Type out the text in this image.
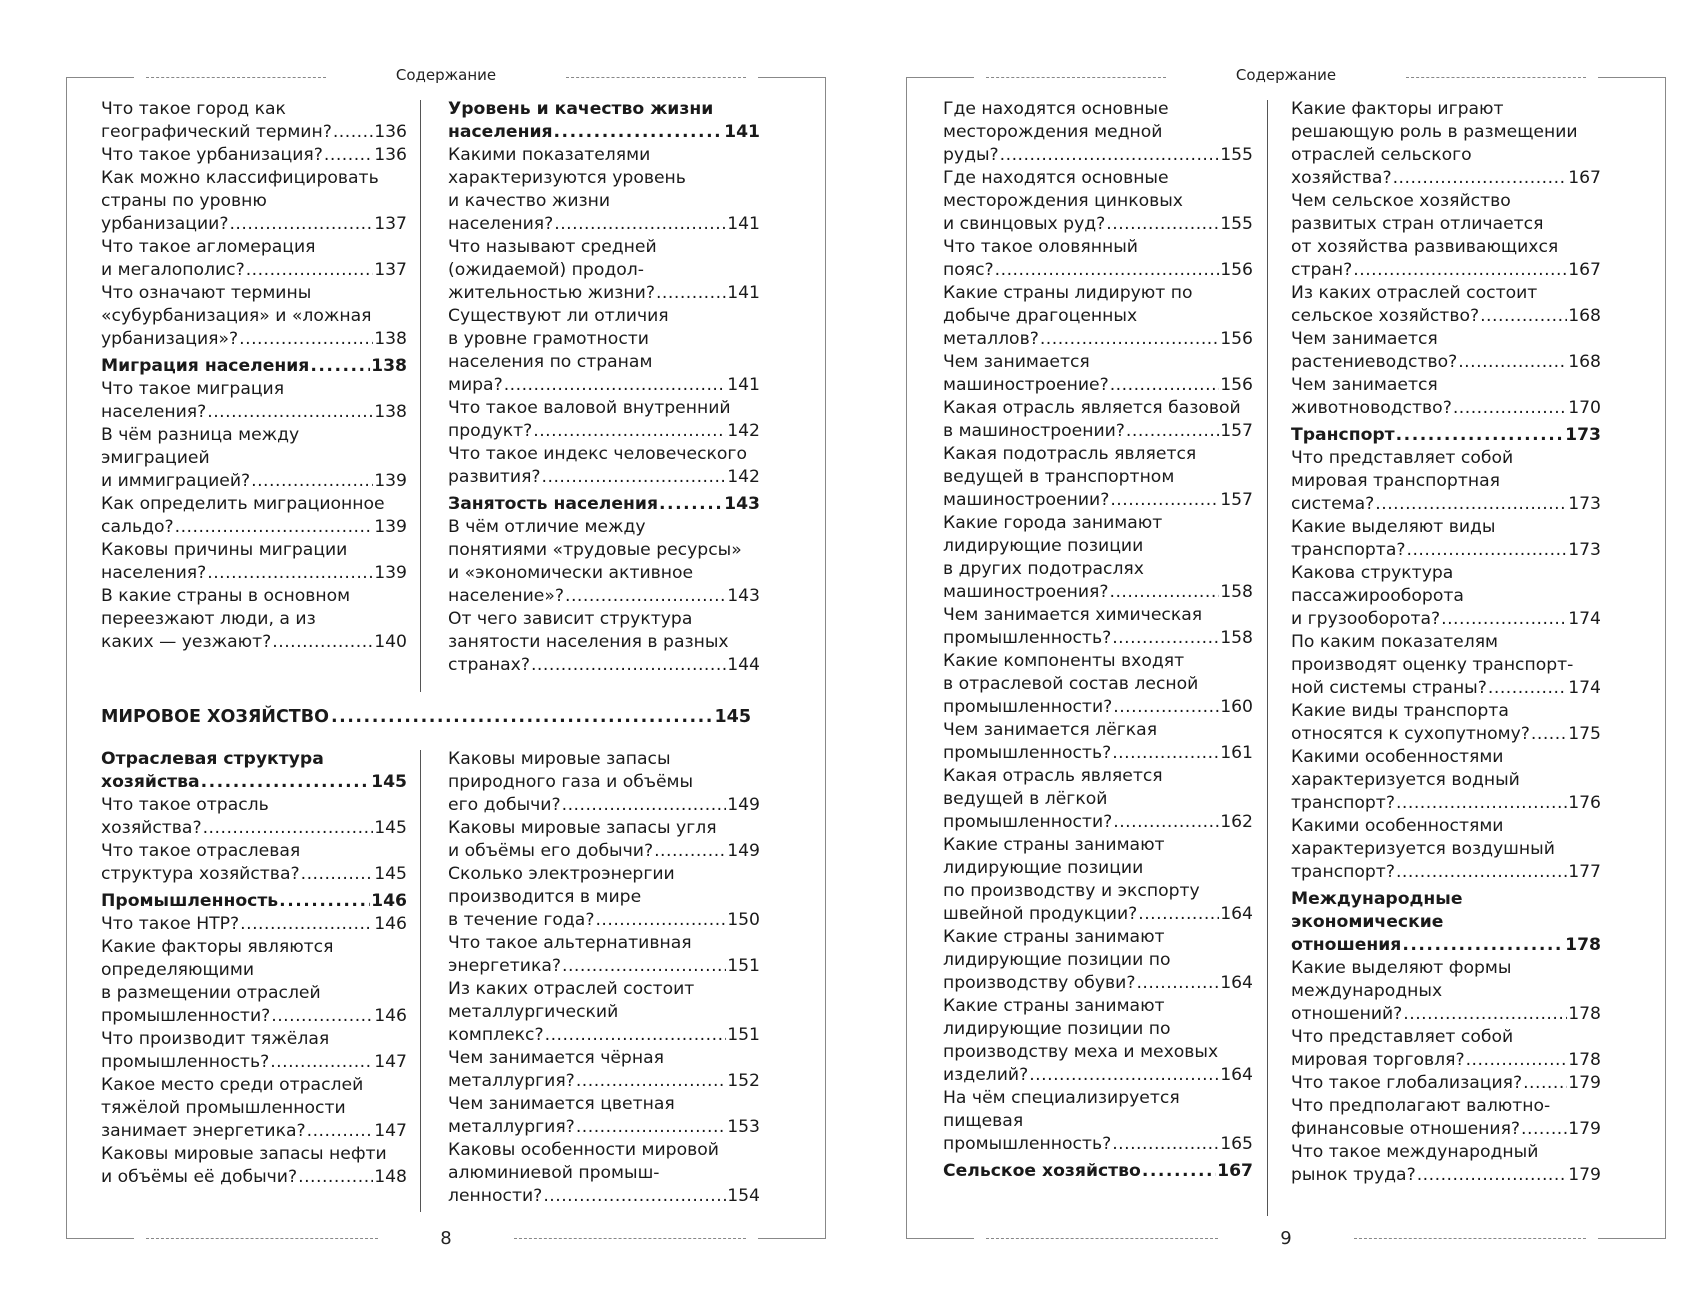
Содержание
Что такое город как
географический термин? ..... 136
Что такое урбанизация? .....	136
Как можно классифицировать
страны по уровню
урбанизации? .....	137
Что такое агломерация
и мегалополис? .....	137
Что означают термины
«субурбанизация» и «ложная
урбанизация»? .....	138
Миграция населения .....	138
Что такое миграция
населения? .....	138
В чём разница между
эмиграцией
и иммиграцией? .....	139
Как определить миграционное
сальдо? .....	139
Каковы причины миграции
населения? .....	139
В какие страны в основном
переезжают люди, а из
каких — уезжают? .....	140
Уровень и качество жизни
населения .....	141
Какими показателями
характеризуются уровень
и качество жизни
населения? .....	141
Что называют средней
(ожидаемой) продол-
жительностью жизни? .....	141
Существуют ли отличия
в уровне грамотности
населения по странам
мира? .....	141
Что такое валовой внутренний
продукт? .....	142
Что такое индекс человеческого
развития? .....	142
Занятость населения .....	143
В чём отличие между
понятиями «трудовые ресурсы»
и «экономически активное
население»? .....	143
От чего зависит структура
занятости населения в разных
странах? .....	144
МИРОВОЕ ХОЗЯЙСТВО .....	145
Отраслевая структура
хозяйства .....	145
Что такое отрасль
хозяйства? .....	145
Что такое отраслевая
структура хозяйства? .....	145
Промышленность .....	146
Что такое НТР? .....	146
Какие факторы являются
определяющими
в размещении отраслей
промышленности? .....	146
Что производит тяжёлая
промышленность? .....	147
Какое место среди отраслей
тяжёлой промышленности
занимает энергетика? .....	147
Каковы мировые запасы нефти
и объёмы её добычи? .....	148
Каковы мировые запасы
природного газа и объёмы
его добычи? .....	149
Каковы мировые запасы угля
и объёмы его добычи? .....	149
Сколько электроэнергии
производится в мире
в течение года? .....	150
Что такое альтернативная
энергетика? .....	151
Из каких отраслей состоит
металлургический
комплекс? .....	151
Чем занимается чёрная
металлургия? .....	152
Чем занимается цветная
металлургия? .....	153
Каковы особенности мировой
алюминиевой промыш-
ленности? .....	154
8
Содержание
Где находятся основные
месторождения медной
руды? .....	155
Где находятся основные
месторождения цинковых
и свинцовых руд? .....	155
Что такое оловянный
пояс? .....	156
Какие страны лидируют по
добыче драгоценных
металлов? .....	156
Чем занимается
машиностроение? .....	156
Какая отрасль является базовой
в машиностроении? .....	157
Какая подотрасль является
ведущей в транспортном
машиностроении? .....	157
Какие города занимают
лидирующие позиции
в других подотраслях
машиностроения? .....	158
Чем занимается химическая
промышленность? .....	158
Какие компоненты входят
в отраслевой состав лесной
промышленности? .....	160
Чем занимается лёгкая
промышленность? .....	161
Какая отрасль является
ведущей в лёгкой
промышленности? .....	162
Какие страны занимают
лидирующие позиции
по производству и экспорту
швейной продукции? .....	164
Какие страны занимают
лидирующие позиции по
производству обуви? .....	164
Какие страны занимают
лидирующие позиции по
производству меха и меховых
изделий? .....	164
На чём специализируется
пищевая
промышленность? .....	165
Сельское хозяйство .....	167
Какие факторы играют
решающую роль в размещении
отраслей сельского
хозяйства? .....	167
Чем сельское хозяйство
развитых стран отличается
от хозяйства развивающихся
стран? .....	167
Из каких отраслей состоит
сельское хозяйство? .....	168
Чем занимается
растениеводство? .....	168
Чем занимается
животноводство? .....	170
Транспорт .....	173
Что представляет собой
мировая транспортная
система? .....	173
Какие выделяют виды
транспорта? .....	173
Какова структура
пассажирооборота
и грузооборота? .....	174
По каким показателям
производят оценку транспорт-
ной системы страны? .....	174
Какие виды транспорта
относятся к сухопутному? ..... 175
Какими особенностями
характеризуется водный
транспорт? .....	176
Какими особенностями
характеризуется воздушный
транспорт? .....	177
Международные
экономические
отношения .....	178
Какие выделяют формы
международных
отношений? .....	178
Что представляет собой
мировая торговля? .....	178
Что такое глобализация? .....	179
Что предполагают валютно-
финансовые отношения? .....	179
Что такое международный
рынок труда? .....	179
9
